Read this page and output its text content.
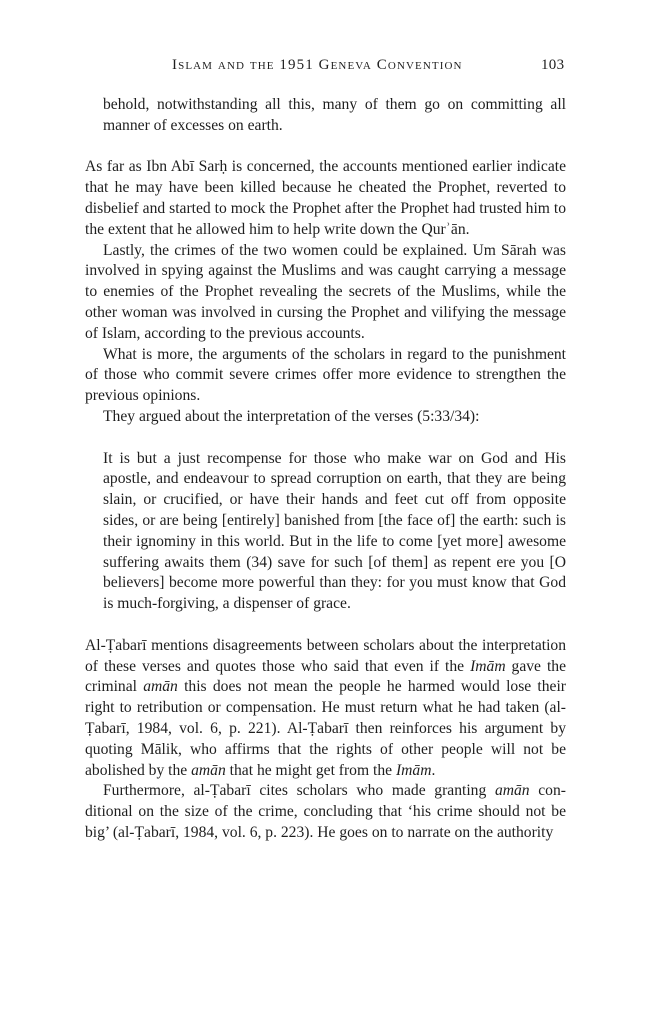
Islam and the 1951 Geneva Convention	103

behold, notwithstanding all this, many of them go on committing all manner of excesses on earth.

As far as Ibn Abī Sarḥ is concerned, the accounts mentioned earlier indicate that he may have been killed because he cheated the Prophet, reverted to disbelief and started to mock the Prophet after the Prophet had trusted him to the extent that he allowed him to help write down the Qurʾān.

Lastly, the crimes of the two women could be explained. Um Sārah was involved in spying against the Muslims and was caught carrying a message to enemies of the Prophet revealing the secrets of the Muslims, while the other woman was involved in cursing the Prophet and vilifying the message of Islam, according to the previous accounts.

What is more, the arguments of the scholars in regard to the punishment of those who commit severe crimes offer more evidence to strengthen the previous opinions.

They argued about the interpretation of the verses (5:33/34):

It is but a just recompense for those who make war on God and His apostle, and endeavour to spread corruption on earth, that they are being slain, or crucified, or have their hands and feet cut off from opposite sides, or are being [entirely] banished from [the face of] the earth: such is their ignominy in this world. But in the life to come [yet more] awesome suffering awaits them (34) save for such [of them] as repent ere you [O believers] become more powerful than they: for you must know that God is much-forgiving, a dispenser of grace.

Al-Ṭabarī mentions disagreements between scholars about the interpretation of these verses and quotes those who said that even if the Imām gave the criminal amān this does not mean the people he harmed would lose their right to retribution or compensation. He must return what he had taken (al-Ṭabarī, 1984, vol. 6, p. 221). Al-Ṭabarī then reinforces his argument by quoting Mālik, who affirms that the rights of other people will not be abolished by the amān that he might get from the Imām.

Furthermore, al-Ṭabarī cites scholars who made granting amān conditional on the size of the crime, concluding that ‘his crime should not be big’ (al-Ṭabarī, 1984, vol. 6, p. 223). He goes on to narrate on the authority
